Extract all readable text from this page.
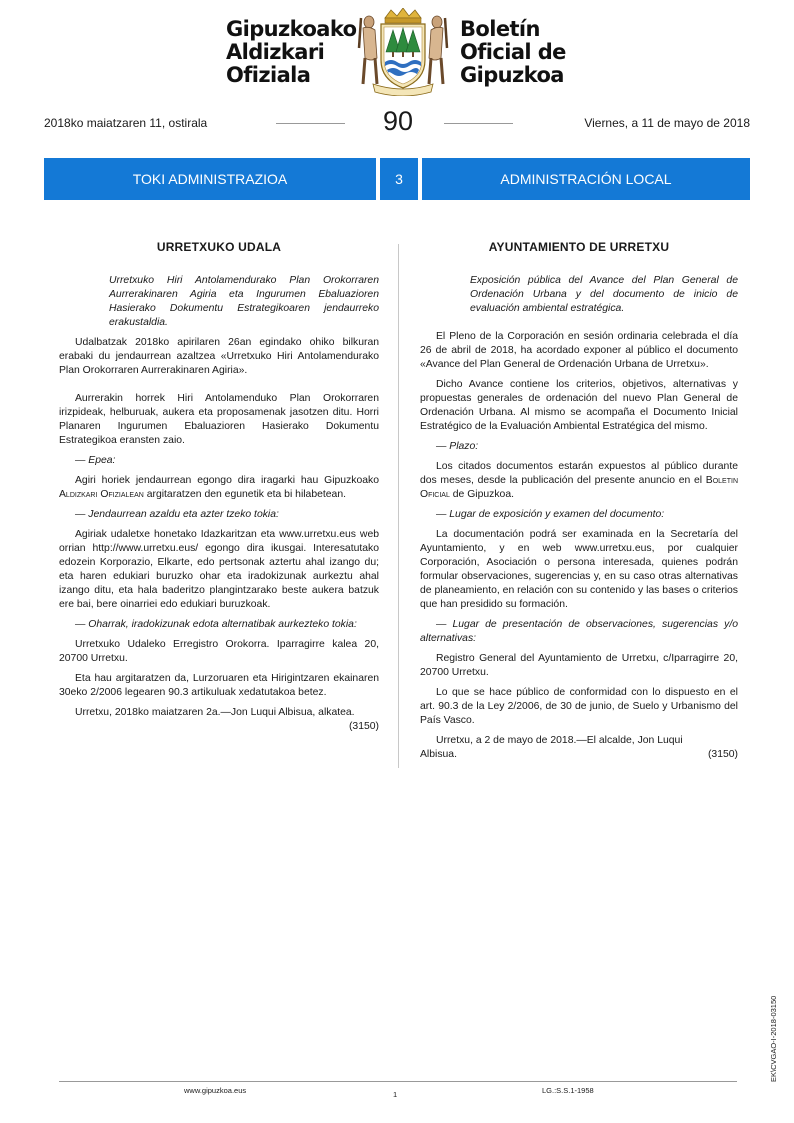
Gipuzkoako
Aldizkari
Ofiziala
Boletín
Oficial de
Gipuzkoa
2018ko maiatzaren 11, ostirala	90	Viernes, a 11 de mayo de 2018
TOKI ADMINISTRAZIOA	3	ADMINISTRACIÓN LOCAL
URRETXUKO UDALA
Urretxuko Hiri Antolamendurako Plan Orokorraren Aurrerakinaren Agiria eta Ingurumen Ebaluazioren Hasierako Dokumentu Estrategikoaren jendaurreko erakustaldia.

Udalbatzak 2018ko apirilaren 26an egindako ohiko bilkuran erabaki du jendaurrean azaltzea «Urretxuko Hiri Antolamendurako Plan Orokorraren Aurrerakinaren Agiria».

Aurrerakin horrek Hiri Antolamenduko Plan Orokorraren irizpideak, helburuak, aukera eta proposamenak jasotzen ditu. Horri Planaren Ingurumen Ebaluazioren Hasierako Dokumentu Estrategikoa eransten zaio.

— Epea:

Agiri horiek jendaurrean egongo dira iragarki hau Gipuzkoako Aldizkari Ofizialean argitaratzen den egunetik eta bi hilabetean.

— Jendaurrean azaldu eta azter tzeko tokia:

Agiriak udaletxe honetako Idazkaritzan eta www.urretxu.eus web orrian http://www.urretxu.eus/ egongo dira ikusgai. Interesatutako edozein Korporazio, Elkarte, edo pertsonak aztertu ahal izango du; eta haren edukiari buruzko ohar eta iradokizunak aurkeztu ahal izango ditu, eta hala baderitzo plangintzarako beste aukera batzuk ere bai, bere oinarriei edo edukiari buruzkoak.

— Oharrak, iradokizunak edota alternatibak aurkezteko tokia:

Urretxuko Udaleko Erregistro Orokorra. Iparragirre kalea 20, 20700 Urretxu.

Eta hau argitaratzen da, Lurzoruaren eta Hirigintzaren ekainaren 30eko 2/2006 legearen 90.3 artikuluak xedatutakoa betez.

Urretxu, 2018ko maiatzaren 2a.—Jon Luqui Albisua, alkatea.

(3150)

AYUNTAMIENTO DE URRETXU
Exposición pública del Avance del Plan General de Ordenación Urbana y del documento de inicio de evaluación ambiental estratégica.

El Pleno de la Corporación en sesión ordinaria celebrada el día 26 de abril de 2018, ha acordado exponer al público el documento «Avance del Plan General de Ordenación Urbana de Urretxu».

Dicho Avance contiene los criterios, objetivos, alternativas y propuestas generales de ordenación del nuevo Plan General de Ordenación Urbana. Al mismo se acompaña el Documento Inicial Estratégico de la Evaluación Ambiental Estratégica del mismo.

— Plazo:

Los citados documentos estarán expuestos al público durante dos meses, desde la publicación del presente anuncio en el Boletin Oficial de Gipuzkoa.

— Lugar de exposición y examen del documento:

La documentación podrá ser examinada en la Secretaría del Ayuntamiento, y en web www.urretxu.eus, por cualquier Corporación, Asociación o persona interesada, quienes podrán formular observaciones, sugerencias y, en su caso otras alternativas de planeamiento, en relación con su contenido y las bases o criterios que han presidido su formación.

— Lugar de presentación de observaciones, sugerencias y/o alternativas:

Registro General del Ayuntamiento de Urretxu, c/Iparragirre 20, 20700 Urretxu.

Lo que se hace público de conformidad con lo dispuesto en el art. 90.3 de la Ley 2/2006, de 30 de junio, de Suelo y Urbanismo del País Vasco.

Urretxu, a 2 de mayo de 2018.—El alcalde, Jon Luqui

Albisua.	(3150)

www.gipuzkoa.eus	1	LG.:S.S.1-1958
EK\CVGAO-I-2018-03150
